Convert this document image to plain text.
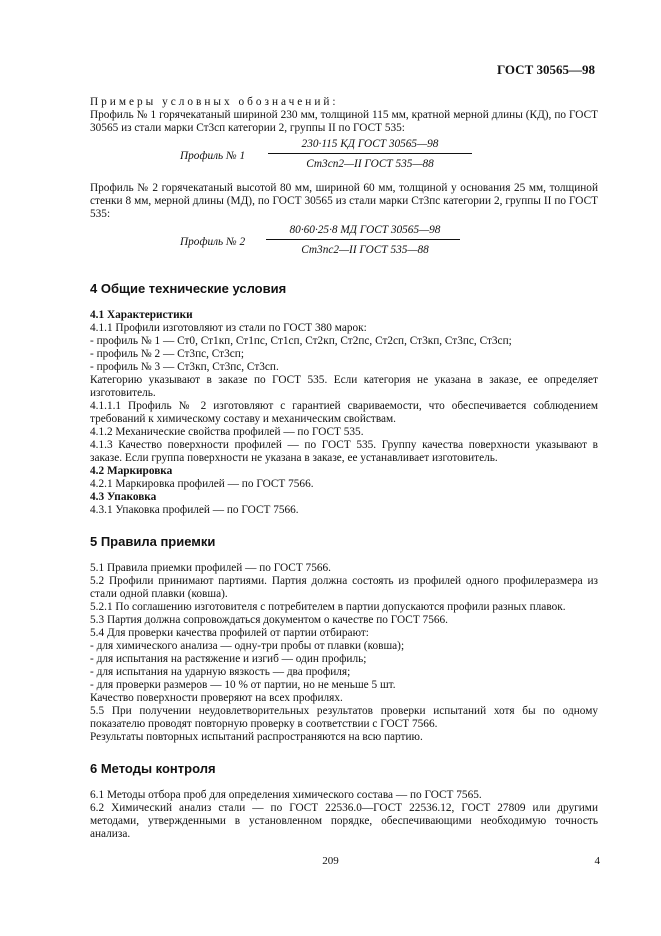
ГОСТ 30565—98

Примеры условных обозначений:

Профиль № 1 горячекатаный шириной 230 мм, толщиной 115 мм, кратной мерной длины (КД), по ГОСТ 30565 из стали марки Ст3сп категории 2, группы II по ГОСТ 535:

Профиль № 1
230·115 КД ГОСТ 30565—98
Ст3сп2—II ГОСТ 535—88

Профиль № 2 горячекатаный высотой 80 мм, шириной 60 мм, толщиной у основания 25 мм, толщиной стенки 8 мм, мерной длины (МД), по ГОСТ 30565 из стали марки Ст3пс категории 2, группы II по ГОСТ 535:

Профиль № 2
80·60·25·8 МД ГОСТ 30565—98
Ст3пс2—II ГОСТ 535—88
4 Общие технические условия

4.1 Характеристики

4.1.1 Профили изготовляют из стали по ГОСТ 380 марок:

- профиль № 1 — Ст0, Ст1кп, Ст1пс, Ст1сп, Ст2кп, Ст2пс, Ст2сп, Ст3кп, Ст3пс, Ст3сп;

- профиль № 2 — Ст3пс, Ст3сп;

- профиль № 3 — Ст3кп, Ст3пс, Ст3сп.

Категорию указывают в заказе по ГОСТ 535. Если категория не указана в заказе, ее определяет изготовитель.

4.1.1.1 Профиль № 2 изготовляют с гарантией свариваемости, что обеспечивается соблюдением требований к химическому составу и механическим свойствам.

4.1.2 Механические свойства профилей — по ГОСТ 535.

4.1.3 Качество поверхности профилей — по ГОСТ 535. Группу качества поверхности указывают в заказе. Если группа поверхности не указана в заказе, ее устанавливает изготовитель.

4.2 Маркировка

4.2.1 Маркировка профилей — по ГОСТ 7566.

4.3 Упаковка

4.3.1 Упаковка профилей — по ГОСТ 7566.

5 Правила приемки

5.1 Правила приемки профилей — по ГОСТ 7566.

5.2 Профили принимают партиями. Партия должна состоять из профилей одного профилеразмера из стали одной плавки (ковша).

5.2.1 По соглашению изготовителя с потребителем в партии допускаются профили разных плавок.

5.3 Партия должна сопровождаться документом о качестве по ГОСТ 7566.

5.4 Для проверки качества профилей от партии отбирают:

- для химического анализа — одну-три пробы от плавки (ковша);

- для испытания на растяжение и изгиб — один профиль;

- для испытания на ударную вязкость — два профиля;

- для проверки размеров — 10 % от партии, но не меньше 5 шт.

Качество поверхности проверяют на всех профилях.

5.5 При получении неудовлетворительных результатов проверки испытаний хотя бы по одному показателю проводят повторную проверку в соответствии с ГОСТ 7566.

Результаты повторных испытаний распространяются на всю партию.

6 Методы контроля

6.1 Методы отбора проб для определения химического состава — по ГОСТ 7565.

6.2 Химический анализ стали — по ГОСТ 22536.0—ГОСТ 22536.12, ГОСТ 27809 или другими методами, утвержденными в установленном порядке, обеспечивающими необходимую точность анализа.

209	4
